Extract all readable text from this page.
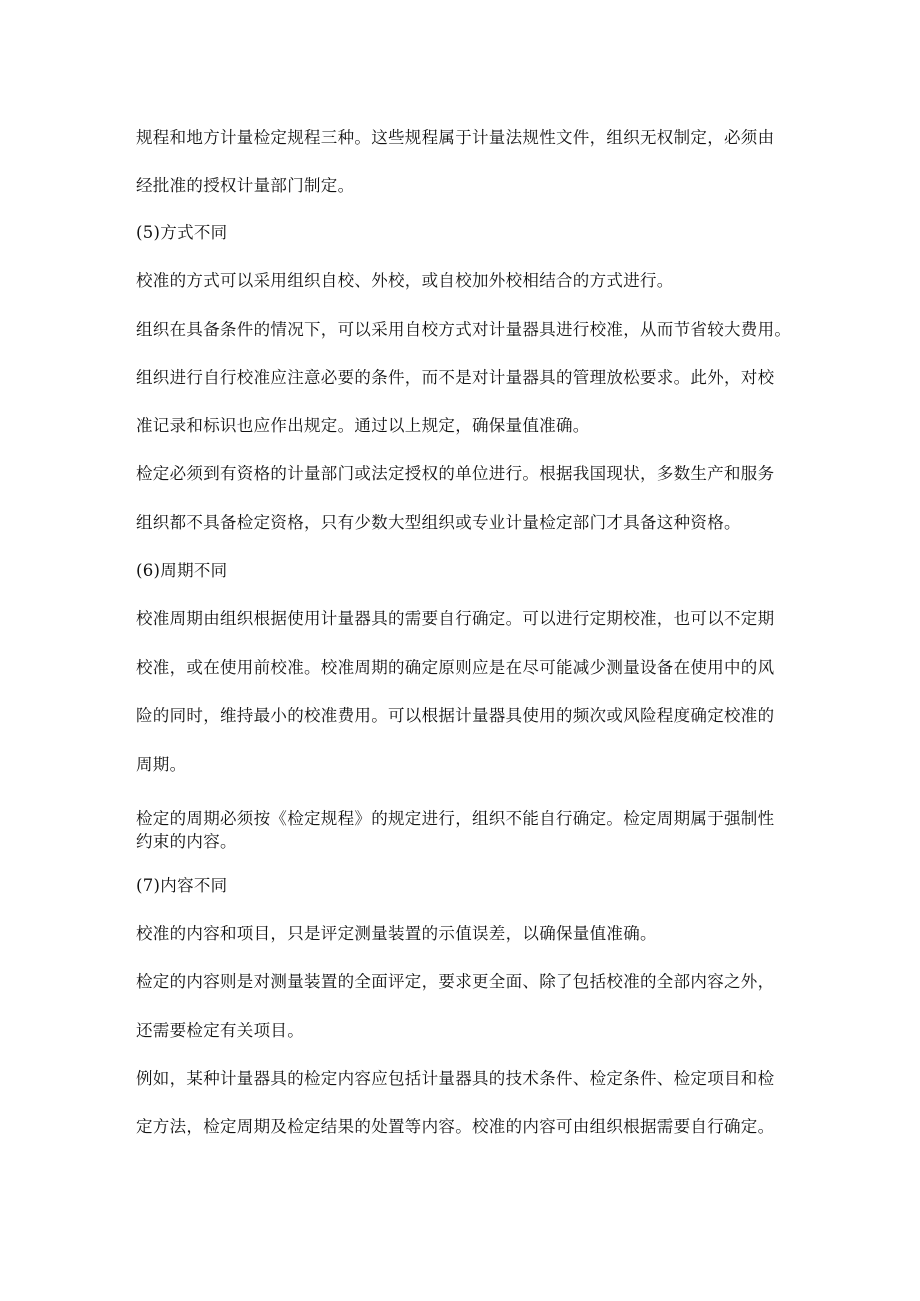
规程和地方计量检定规程三种。这些规程属于计量法规性文件，组织无权制定，必须由

经批准的授权计量部门制定。

(5)方式不同

校准的方式可以采用组织自校、外校，或自校加外校相结合的方式进行。

组织在具备条件的情况下，可以采用自校方式对计量器具进行校准，从而节省较大费用。

组织进行自行校准应注意必要的条件，而不是对计量器具的管理放松要求。此外，对校

准记录和标识也应作出规定。通过以上规定，确保量值准确。

检定必须到有资格的计量部门或法定授权的单位进行。根据我国现状，多数生产和服务

组织都不具备检定资格，只有少数大型组织或专业计量检定部门才具备这种资格。

(6)周期不同

校准周期由组织根据使用计量器具的需要自行确定。可以进行定期校准，也可以不定期

校准，或在使用前校准。校准周期的确定原则应是在尽可能减少测量设备在使用中的风

险的同时，维持最小的校准费用。可以根据计量器具使用的频次或风险程度确定校准的

周期。

检定的周期必须按《检定规程》的规定进行，组织不能自行确定。检定周期属于强制性

约束的内容。

(7)内容不同

校准的内容和项目，只是评定测量装置的示值误差，以确保量值准确。

检定的内容则是对测量装置的全面评定，要求更全面、除了包括校准的全部内容之外，

还需要检定有关项目。

例如，某种计量器具的检定内容应包括计量器具的技术条件、检定条件、检定项目和检

定方法，检定周期及检定结果的处置等内容。校准的内容可由组织根据需要自行确定。
